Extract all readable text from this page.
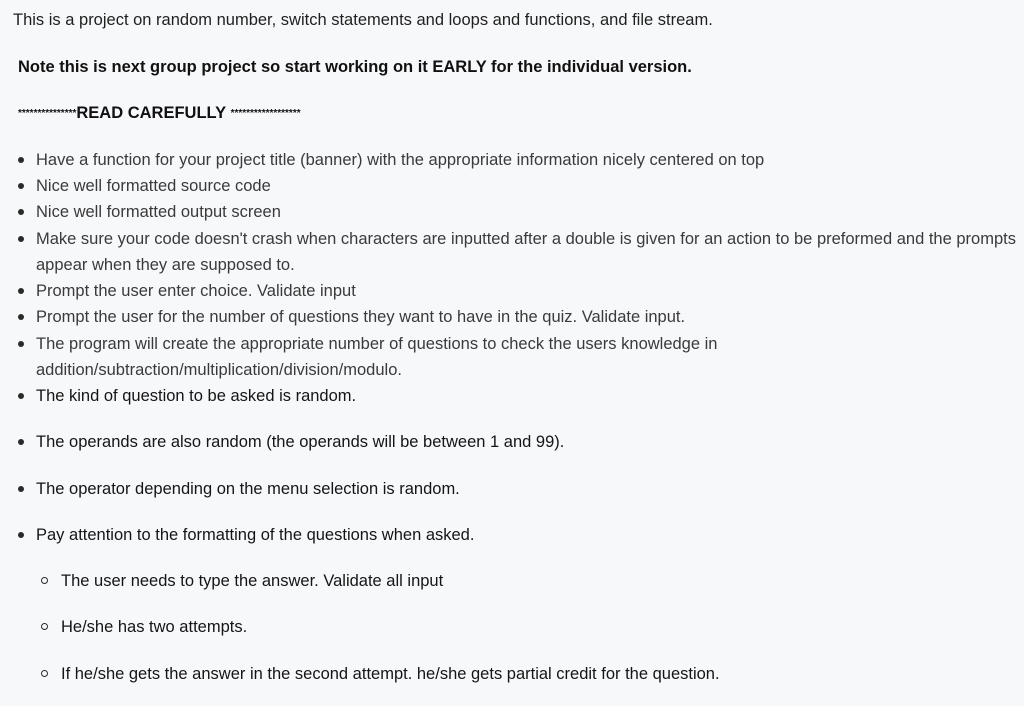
This is a project on random number, switch statements and loops and functions, and file stream.
Note this is next group project so start working on it EARLY for the individual version.
***************READ CAREFULLY ******************
Have a function for your project title (banner) with the appropriate information nicely centered on top
Nice well formatted source code
Nice well formatted output screen
Make sure your code doesn't crash when characters are inputted after a double is given for an action to be preformed and the prompts appear when they are supposed to.
Prompt the user enter choice. Validate input
Prompt the user for the number of questions they want to have in the quiz. Validate input.
The program will create the appropriate number of questions to check the users knowledge in addition/subtraction/multiplication/division/modulo.
The kind of question to be asked is random.
The operands are also random (the operands will be between 1 and 99).
The operator depending on the menu selection is random.
Pay attention to the formatting of the questions when asked.
The user needs to type the answer. Validate all input
He/she has two attempts.
If he/she gets the answer in the second attempt. he/she gets partial credit for the question.
